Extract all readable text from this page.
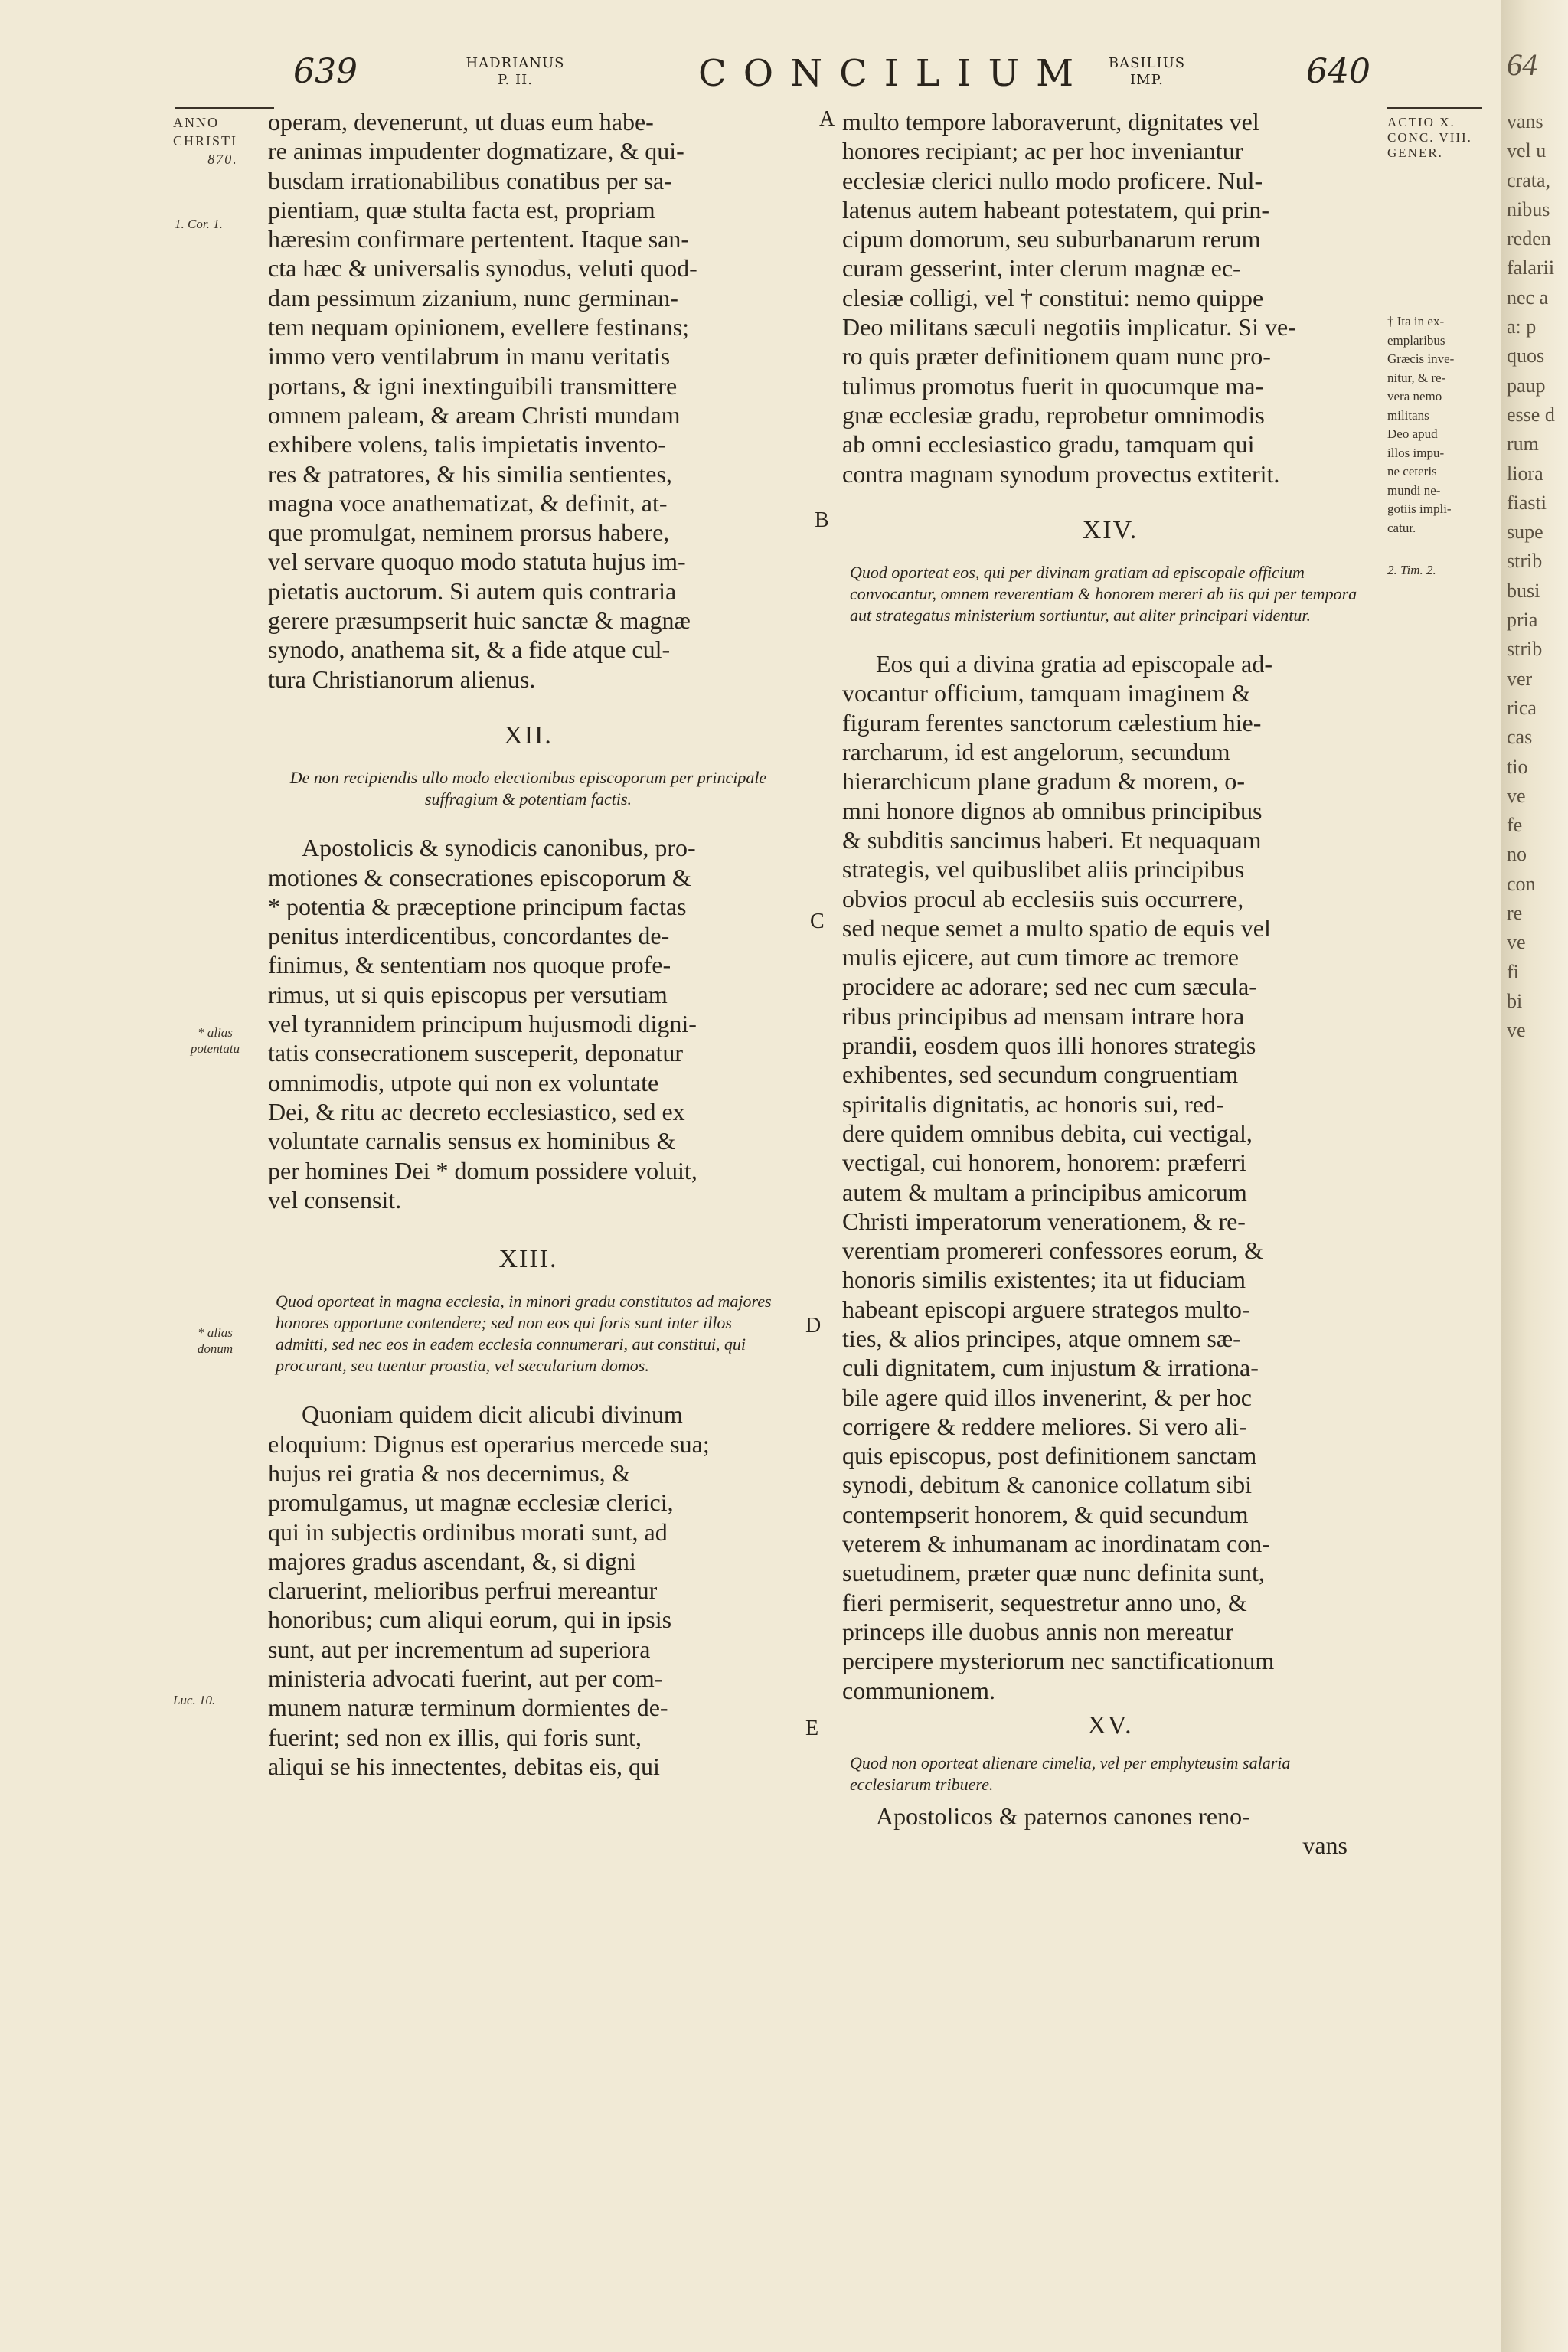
639	HADRIANUS
P. II.	CONCILIUM	BASILIUS
IMP.	640
ANNO
CHRISTI
870.
1. Cor. 1.
* alias
potentatu
* alias
donum
Luc. 10.
ACTIO X.
CONC. VIII.
GENER.
† Ita in ex-
emplaribus
Græcis inve-
nitur, & re-
vera nemo
militans
Deo apud
illos impu-
ne ceteris
mundi ne-
gotiis impli-
catur.
2. Tim. 2.
A
B
C
D
E

operam, devenerunt, ut duas eum habe-

re animas impudenter dogmatizare, & qui-

busdam irrationabilibus conatibus per sa-

pientiam, quæ stulta facta est, propriam

hæresim confirmare pertentent. Itaque san-

cta hæc & universalis synodus, veluti quod-

dam pessimum zizanium, nunc germinan-

tem nequam opinionem, evellere festinans;

immo vero ventilabrum in manu veritatis

portans, & igni inextinguibili transmittere

omnem paleam, & aream Christi mundam

exhibere volens, talis impietatis invento-

res & patratores, & his similia sentientes,

magna voce anathematizat, & definit, at-

que promulgat, neminem prorsus habere,

vel servare quoquo modo statuta hujus im-

pietatis auctorum. Si autem quis contraria

gerere præsumpserit huic sanctæ & magnæ

synodo, anathema sit, & a fide atque cul-

tura Christianorum alienus.

XII.
De non recipiendis ullo modo electionibus episcoporum per principale suffragium & potentiam factis.

Apostolicis & synodicis canonibus, pro-

motiones & consecrationes episcoporum &

* potentia & præceptione principum factas

penitus interdicentibus, concordantes de-

finimus, & sententiam nos quoque profe-

rimus, ut si quis episcopus per versutiam

vel tyrannidem principum hujusmodi digni-

tatis consecrationem susceperit, deponatur

omnimodis, utpote qui non ex voluntate

Dei, & ritu ac decreto ecclesiastico, sed ex

voluntate carnalis sensus ex hominibus &

per homines Dei * domum possidere voluit,

vel consensit.

XIII.
Quod oporteat in magna ecclesia, in minori gradu constitutos ad majores honores opportune contendere; sed non eos qui foris sunt inter illos admitti, sed nec eos in eadem ecclesia connumerari, aut constitui, qui procurant, seu tuentur proastia, vel sæcularium domos.

Quoniam quidem dicit alicubi divinum

eloquium: Dignus est operarius mercede sua;

hujus rei gratia & nos decernimus, &

promulgamus, ut magnæ ecclesiæ clerici,

qui in subjectis ordinibus morati sunt, ad

majores gradus ascendant, &, si digni

claruerint, melioribus perfrui mereantur

honoribus; cum aliqui eorum, qui in ipsis

sunt, aut per incrementum ad superiora

ministeria advocati fuerint, aut per com-

munem naturæ terminum dormientes de-

fuerint; sed non ex illis, qui foris sunt,

aliqui se his innectentes, debitas eis, qui

multo tempore laboraverunt, dignitates vel

honores recipiant; ac per hoc inveniantur

ecclesiæ clerici nullo modo proficere. Nul-

latenus autem habeant potestatem, qui prin-

cipum domorum, seu suburbanarum rerum

curam gesserint, inter clerum magnæ ec-

clesiæ colligi, vel † constitui: nemo quippe

Deo militans sæculi negotiis implicatur. Si ve-

ro quis præter definitionem quam nunc pro-

tulimus promotus fuerit in quocumque ma-

gnæ ecclesiæ gradu, reprobetur omnimodis

ab omni ecclesiastico gradu, tamquam qui

contra magnam synodum provectus extiterit.

XIV.
Quod oporteat eos, qui per divinam gratiam ad episcopale officium convocantur, omnem reverentiam & honorem mereri ab iis qui per tempora aut strategatus ministerium sortiuntur, aut aliter principari videntur.

Eos qui a divina gratia ad episcopale ad-

vocantur officium, tamquam imaginem &

figuram ferentes sanctorum cælestium hie-

rarcharum, id est angelorum, secundum

hierarchicum plane gradum & morem, o-

mni honore dignos ab omnibus principibus

& subditis sancimus haberi. Et nequaquam

strategis, vel quibuslibet aliis principibus

obvios procul ab ecclesiis suis occurrere,

sed neque semet a multo spatio de equis vel

mulis ejicere, aut cum timore ac tremore

procidere ac adorare; sed nec cum sæcula-

ribus principibus ad mensam intrare hora

prandii, eosdem quos illi honores strategis

exhibentes, sed secundum congruentiam

spiritalis dignitatis, ac honoris sui, red-

dere quidem omnibus debita, cui vectigal,

vectigal, cui honorem, honorem: præferri

autem & multam a principibus amicorum

Christi imperatorum venerationem, & re-

verentiam promereri confessores eorum, &

honoris similis existentes; ita ut fiduciam

habeant episcopi arguere strategos multo-

ties, & alios principes, atque omnem sæ-

culi dignitatem, cum injustum & irrationa-

bile agere quid illos invenerint, & per hoc

corrigere & reddere meliores. Si vero ali-

quis episcopus, post definitionem sanctam

synodi, debitum & canonice collatum sibi

contempserit honorem, & quid secundum

veterem & inhumanam ac inordinatam con-

suetudinem, præter quæ nunc definita sunt,

fieri permiserit, sequestretur anno uno, &

princeps ille duobus annis non mereatur

percipere mysteriorum nec sanctificationum

communionem.

XV.
Quod non oporteat alienare cimelia, vel per emphyteusim salaria ecclesiarum tribuere.

Apostolicos & paternos canones reno-

vans

64
vans
vel u
crata,
nibus
reden
falarii
nec a
a: p
quos
paup
esse d
rum
liora
fiasti
supe
strib
busi
pria
strib
ver
rica
cas
tio
ve
fe
no
con
re
ve
fi
bi
ve
